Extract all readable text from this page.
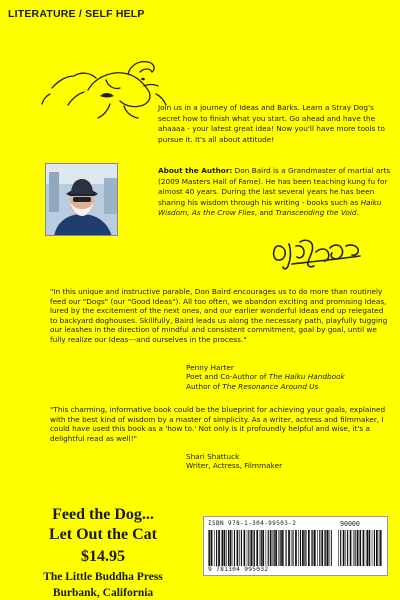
LITERATURE / SELF HELP
Join us in a journey of Ideas and Barks. Learn a Stray Dog's secret how to finish what you start. Go ahead and have the ahaaaa - your latest great idea! Now you'll have more tools to pursue it. It's all about attitude!
About the Author: Don Baird is a Grandmaster of martial arts (2009 Masters Hall of Fame). He has been teaching kung fu for almost 40 years. During the last several years he has been sharing his wisdom through his writing - books such as Haiku Wisdom, As the Crow Flies, and Transcending the Void.
"In this unique and instructive parable, Don Baird encourages us to do more than routinely feed our "Dogs" (our "Good Ideas"). All too often, we abandon exciting and promising Ideas, lured by the excitement of the next ones, and our earlier wonderful Ideas end up relegated to backyard doghouses. Skillfully, Baird leads us along the necessary path, playfully tugging our leashes in the direction of mindful and consistent commitment, goal by goal, until we fully realize our Ideas---and ourselves in the process."
Penny Harter
Poet and Co-Author of The Haiku Handbook
Author of The Resonance Around Us
"This charming, informative book could be the blueprint for achieving your goals, explained with the best kind of wisdom by a master of simplicity. As a writer, actress and filmmaker, I could have used this book as a 'how to.' Not only is it profoundly helpful and wise, it's a delightful read as well!"
Shari Shattuck
Writer, Actress, Filmmaker
Feed the Dog...
Let Out the Cat
$14.95
The Little Buddha Press
Burbank, California
ISBN 978-1-304-99503-2	90000
9 781304 995032
